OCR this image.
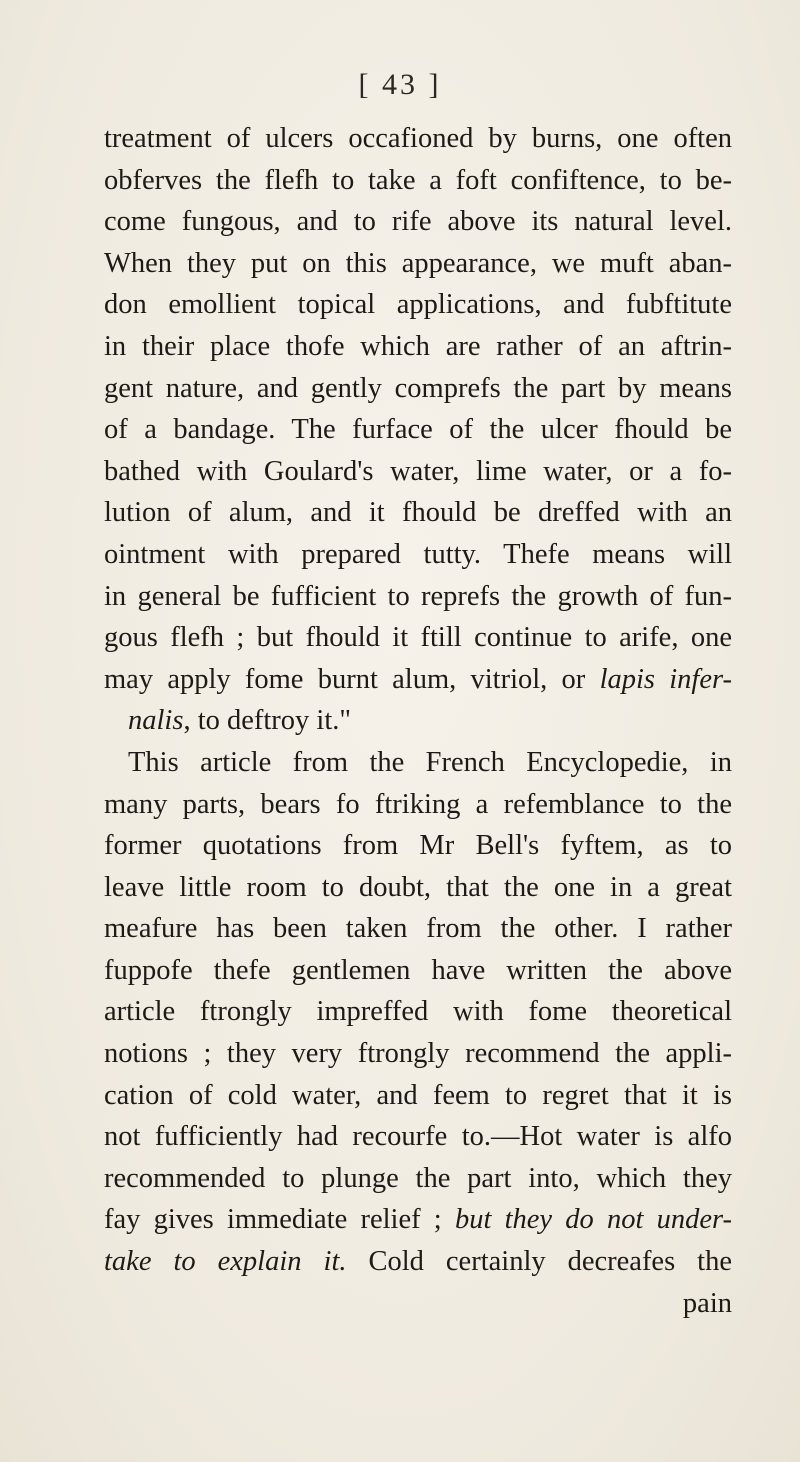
[ 43 ]
treatment of ulcers occafioned by burns, one often
obferves the flefh to take a foft confiftence, to be-
come fungous, and to rife above its natural level.
When they put on this appearance, we muft aban-
don emollient topical applications, and fubftitute
in their place thofe which are rather of an aftrin-
gent nature, and gently comprefs the part by means
of a bandage. The furface of the ulcer fhould be
bathed with Goulard's water, lime water, or a fo-
lution of alum, and it fhould be dreffed with an
ointment with prepared tutty. Thefe means will
in general be fufficient to reprefs the growth of fun-
gous flefh ; but fhould it ftill continue to arife, one
may apply fome burnt alum, vitriol, or lapis infer-
nalis, to deftroy it."
This article from the French Encyclopedie, in
many parts, bears fo ftriking a refemblance to the
former quotations from Mr Bell's fyftem, as to
leave little room to doubt, that the one in a great
meafure has been taken from the other. I rather
fuppofe thefe gentlemen have written the above
article ftrongly impreffed with fome theoretical
notions ; they very ftrongly recommend the appli-
cation of cold water, and feem to regret that it is
not fufficiently had recourfe to.—Hot water is alfo
recommended to plunge the part into, which they
fay gives immediate relief ; but they do not under-
take to explain it. Cold certainly decreafes the
pain
